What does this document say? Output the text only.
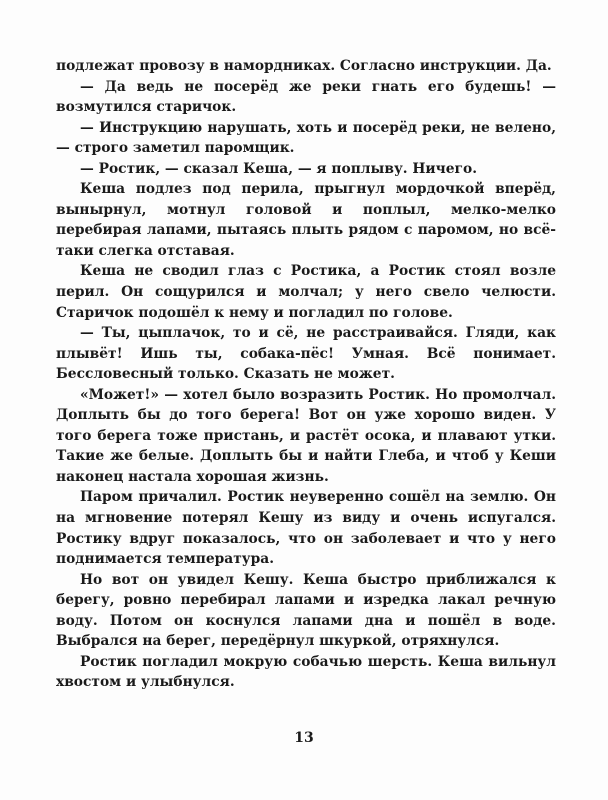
подлежат провозу в намордниках. Согласно инструкции. Да.

— Да ведь не посерёд же реки гнать его будешь! — возмутился старичок.

— Инструкцию нарушать, хоть и посерёд реки, не велено, — строго заметил паромщик.

— Ростик, — сказал Кеша, — я поплыву. Ничего.

Кеша подлез под перила, прыгнул мордочкой вперёд, вынырнул, мотнул головой и поплыл, мелко-мелко перебирая лапами, пытаясь плыть рядом с паромом, но всё-таки слегка отставая.

Кеша не сводил глаз с Ростика, а Ростик стоял возле перил. Он сощурился и молчал; у него свело челюсти. Старичок подошёл к нему и погладил по голове.

— Ты, цыплачок, то и сё, не расстраивайся. Гляди, как плывёт! Ишь ты, собака-пёс! Умная. Всё понимает. Бессловесный только. Сказать не может.

«Может!» — хотел было возразить Ростик. Но промолчал. Доплыть бы до того берега! Вот он уже хорошо виден. У того берега тоже пристань, и растёт осока, и плавают утки. Такие же белые. Доплыть бы и найти Глеба, и чтоб у Кеши наконец настала хорошая жизнь.

Паром причалил. Ростик неуверенно сошёл на землю. Он на мгновение потерял Кешу из виду и очень испугался. Ростику вдруг показалось, что он заболевает и что у него поднимается температура.

Но вот он увидел Кешу. Кеша быстро приближался к берегу, ровно перебирал лапами и изредка лакал речную воду. Потом он коснулся лапами дна и пошёл в воде. Выбрался на берег, передёрнул шкуркой, отряхнулся.

Ростик погладил мокрую собачью шерсть. Кеша вильнул хвостом и улыбнулся.

13
